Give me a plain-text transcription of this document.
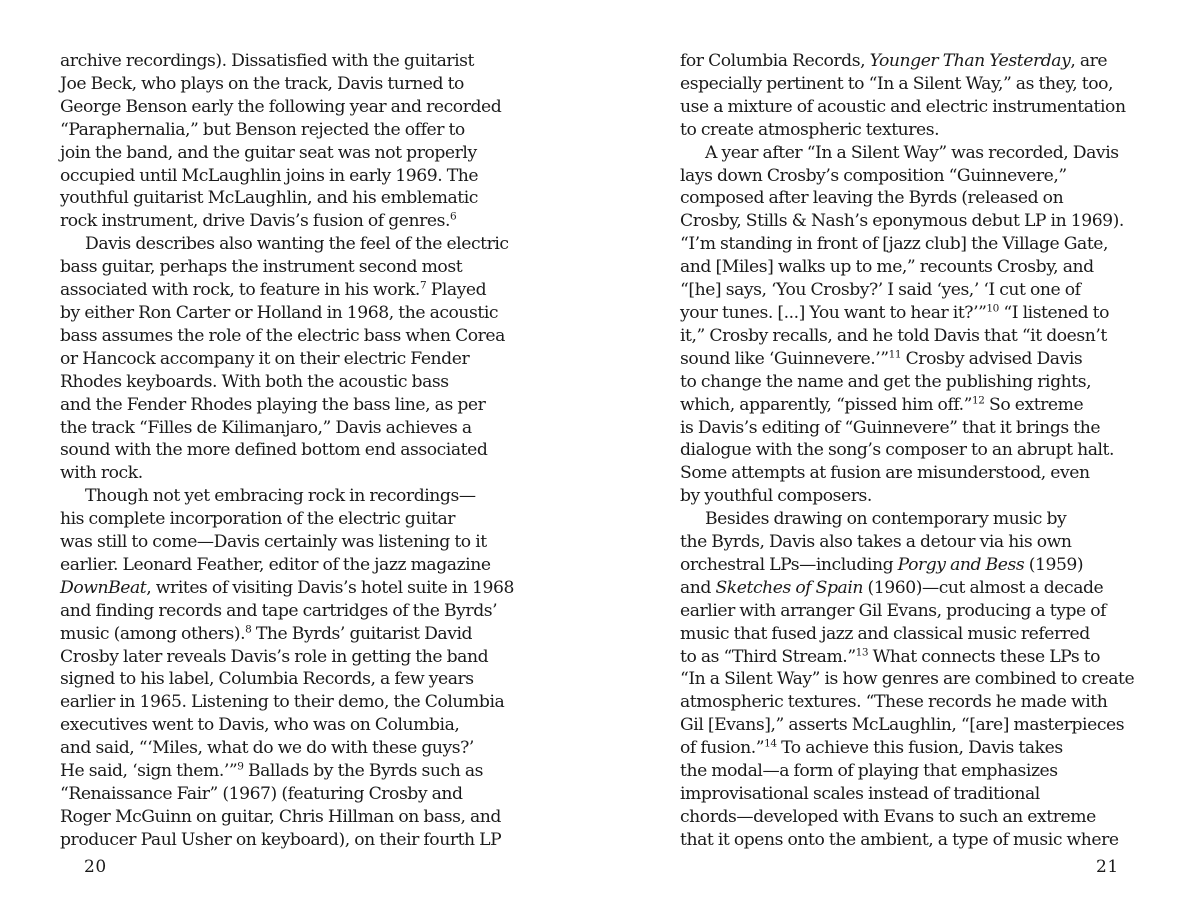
archive recordings). Dissatisfied with the guitarist
Joe Beck, who plays on the track, Davis turned to
George Benson early the following year and recorded
“Paraphernalia,” but Benson rejected the offer to
join the band, and the guitar seat was not properly
occupied until McLaughlin joins in early 1969. The
youthful guitarist McLaughlin, and his emblematic
rock instrument, drive Davis’s fusion of genres.$^6$
Davis describes also wanting the feel of the electric
bass guitar, perhaps the instrument second most
associated with rock, to feature in his work.$^7$ Played
by either Ron Carter or Holland in 1968, the acoustic
bass assumes the role of the electric bass when Corea
or Hancock accompany it on their electric Fender
Rhodes keyboards. With both the acoustic bass
and the Fender Rhodes playing the bass line, as per
the track “Filles de Kilimanjaro,” Davis achieves a
sound with the more defined bottom end associated
with rock.
Though not yet embracing rock in recordings—
his complete incorporation of the electric guitar
was still to come—Davis certainly was listening to it
earlier. Leonard Feather, editor of the jazz magazine
DownBeat, writes of visiting Davis’s hotel suite in 1968
and finding records and tape cartridges of the Byrds’
music (among others).$^8$ The Byrds’ guitarist David
Crosby later reveals Davis’s role in getting the band
signed to his label, Columbia Records, a few years
earlier in 1965. Listening to their demo, the Columbia
executives went to Davis, who was on Columbia,
and said, “‘Miles, what do we do with these guys?’
He said, ‘sign them.’”$^9$ Ballads by the Byrds such as
“Renaissance Fair” (1967) (featuring Crosby and
Roger McGuinn on guitar, Chris Hillman on bass, and
producer Paul Usher on keyboard), on their fourth LP
for Columbia Records, Younger Than Yesterday, are
especially pertinent to “In a Silent Way,” as they, too,
use a mixture of acoustic and electric instrumentation
to create atmospheric textures.
A year after “In a Silent Way” was recorded, Davis
lays down Crosby’s composition “Guinnevere,”
composed after leaving the Byrds (released on
Crosby, Stills & Nash’s eponymous debut LP in 1969).
“I’m standing in front of [jazz club] the Village Gate,
and [Miles] walks up to me,” recounts Crosby, and
“[he] says, ‘You Crosby?’ I said ‘yes,’ ‘I cut one of
your tunes. [...] You want to hear it?’”$^{10}$ “I listened to
it,” Crosby recalls, and he told Davis that “it doesn’t
sound like ‘Guinnevere.’”$^{11}$ Crosby advised Davis
to change the name and get the publishing rights,
which, apparently, “pissed him off.”$^{12}$ So extreme
is Davis’s editing of “Guinnevere” that it brings the
dialogue with the song’s composer to an abrupt halt.
Some attempts at fusion are misunderstood, even
by youthful composers.
Besides drawing on contemporary music by
the Byrds, Davis also takes a detour via his own
orchestral LPs—including Porgy and Bess (1959)
and Sketches of Spain (1960)—cut almost a decade
earlier with arranger Gil Evans, producing a type of
music that fused jazz and classical music referred
to as “Third Stream.”$^{13}$ What connects these LPs to
“In a Silent Way” is how genres are combined to create
atmospheric textures. “These records he made with
Gil [Evans],” asserts McLaughlin, “[are] masterpieces
of fusion.”$^{14}$ To achieve this fusion, Davis takes
the modal—a form of playing that emphasizes
improvisational scales instead of traditional
chords—developed with Evans to such an extreme
that it opens onto the ambient, a type of music where
20	21
